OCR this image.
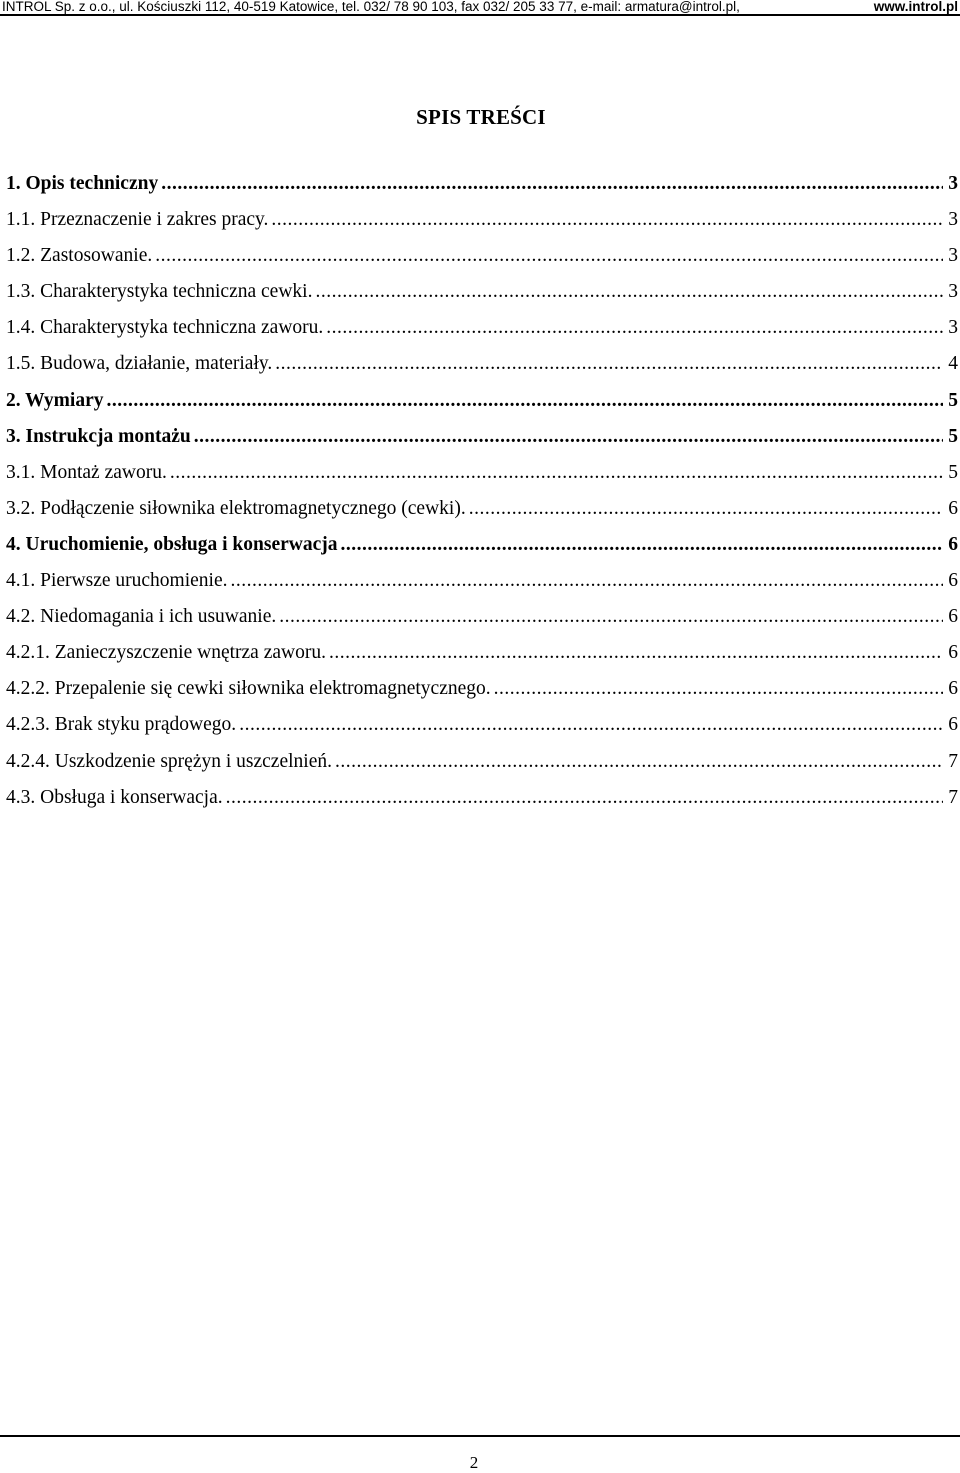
INTROL Sp. z o.o., ul. Kościuszki 112, 40-519 Katowice, tel. 032/ 78 90 103, fax 032/ 205 33 77, e-mail: armatura@introl.pl,	www.introl.pl
SPIS TREŚCI
1. Opis techniczny .....	3
1.1. Przeznaczenie i zakres pracy. .....	3
1.2. Zastosowanie. .....	3
1.3. Charakterystyka techniczna cewki. .....	3
1.4. Charakterystyka techniczna zaworu. .....	3
1.5. Budowa, działanie, materiały. .....	4
2. Wymiary .....	5
3. Instrukcja montażu .....	5
3.1. Montaż zaworu. .....	5
3.2. Podłączenie siłownika elektromagnetycznego (cewki). .....	6
4. Uruchomienie, obsługa i konserwacja .....	6
4.1. Pierwsze uruchomienie. .....	6
4.2. Niedomagania i ich usuwanie. .....	6
4.2.1. Zanieczyszczenie wnętrza zaworu. .....	6
4.2.2. Przepalenie się cewki siłownika elektromagnetycznego. .....	6
4.2.3. Brak styku prądowego. .....	6
4.2.4. Uszkodzenie sprężyn i uszczelnień. .....	7
4.3. Obsługa i konserwacja. .....	7
2
